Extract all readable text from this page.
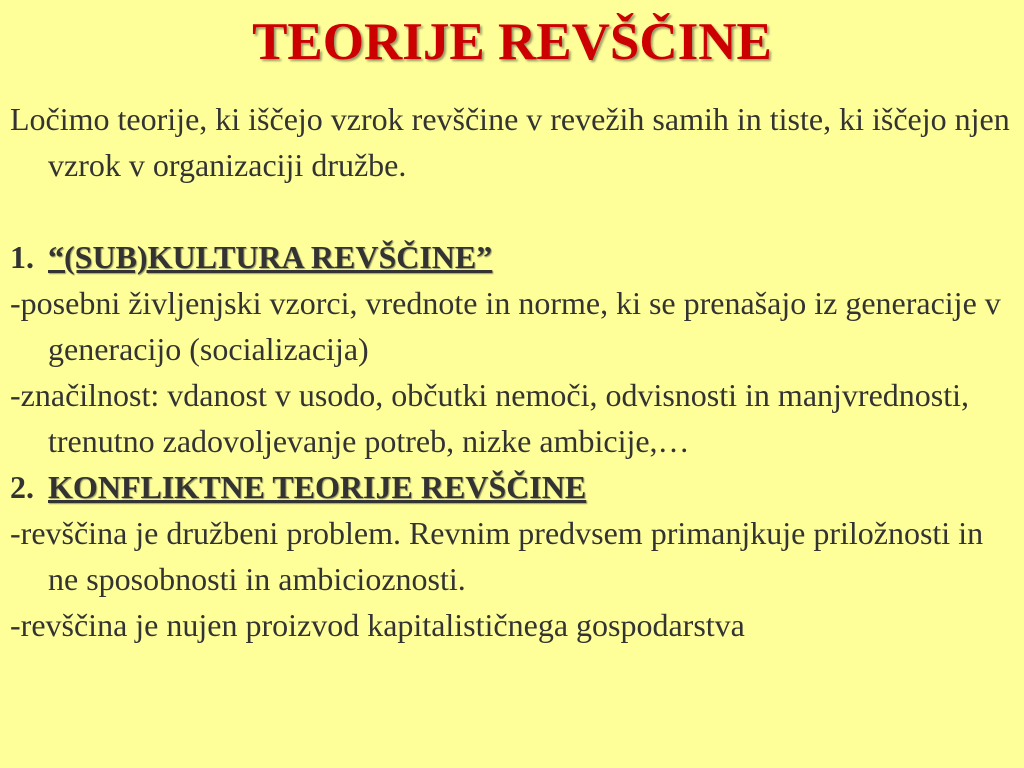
TEORIJE REVŠČINE

Ločimo teorije, ki iščejo vzrok revščine v revežih samih in tiste, ki iščejo njen vzrok v organizaciji družbe.

1. “(SUB)KULTURA REVŠČINE”

-posebni življenjski vzorci, vrednote in norme, ki se prenašajo iz generacije v generacijo (socializacija)

-značilnost: vdanost v usodo, občutki nemoči, odvisnosti in manjvrednosti, trenutno zadovoljevanje potreb, nizke ambicije,…

2. KONFLIKTNE TEORIJE REVŠČINE

-revščina je družbeni problem. Revnim predvsem primanjkuje priložnosti in ne sposobnosti in ambicioznosti.

-revščina je nujen proizvod kapitalističnega gospodarstva
